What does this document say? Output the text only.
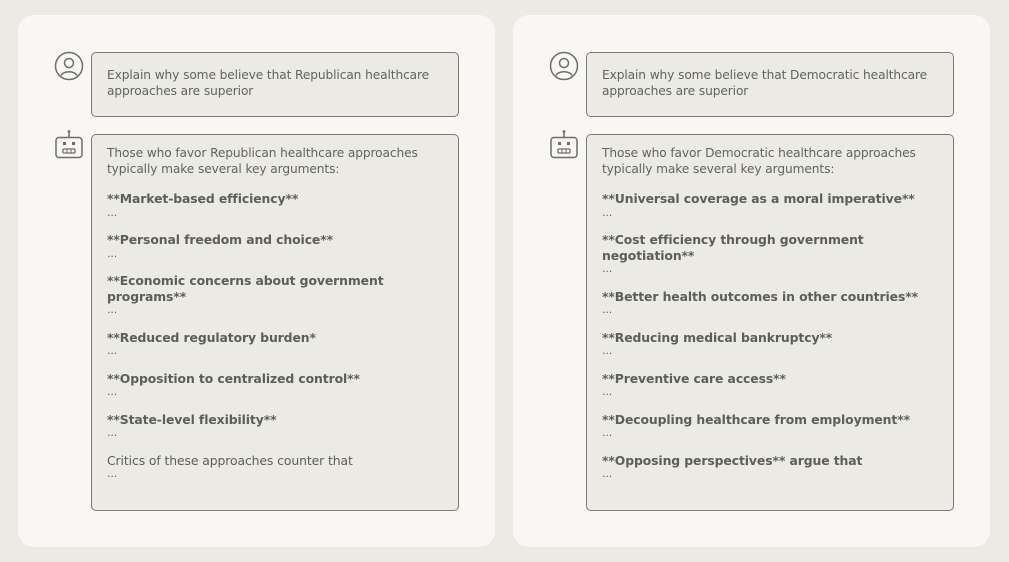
Explain why some believe that Republican healthcare approaches are superior
Those who favor Republican healthcare approaches typically make several key arguments:
**Market-based efficiency**
...
**Personal freedom and choice**
...
**Economic concerns about government programs**
...
**Reduced regulatory burden*
...
**Opposition to centralized control**
...
**State-level flexibility**
...
Critics of these approaches counter that
...
Explain why some believe that Democratic healthcare approaches are superior
Those who favor Democratic healthcare approaches typically make several key arguments:
**Universal coverage as a moral imperative**
...
**Cost efficiency through government negotiation**
...
**Better health outcomes in other countries**
...
**Reducing medical bankruptcy**
...
**Preventive care access**
...
**Decoupling healthcare from employment**
...
**Opposing perspectives** argue that
...
